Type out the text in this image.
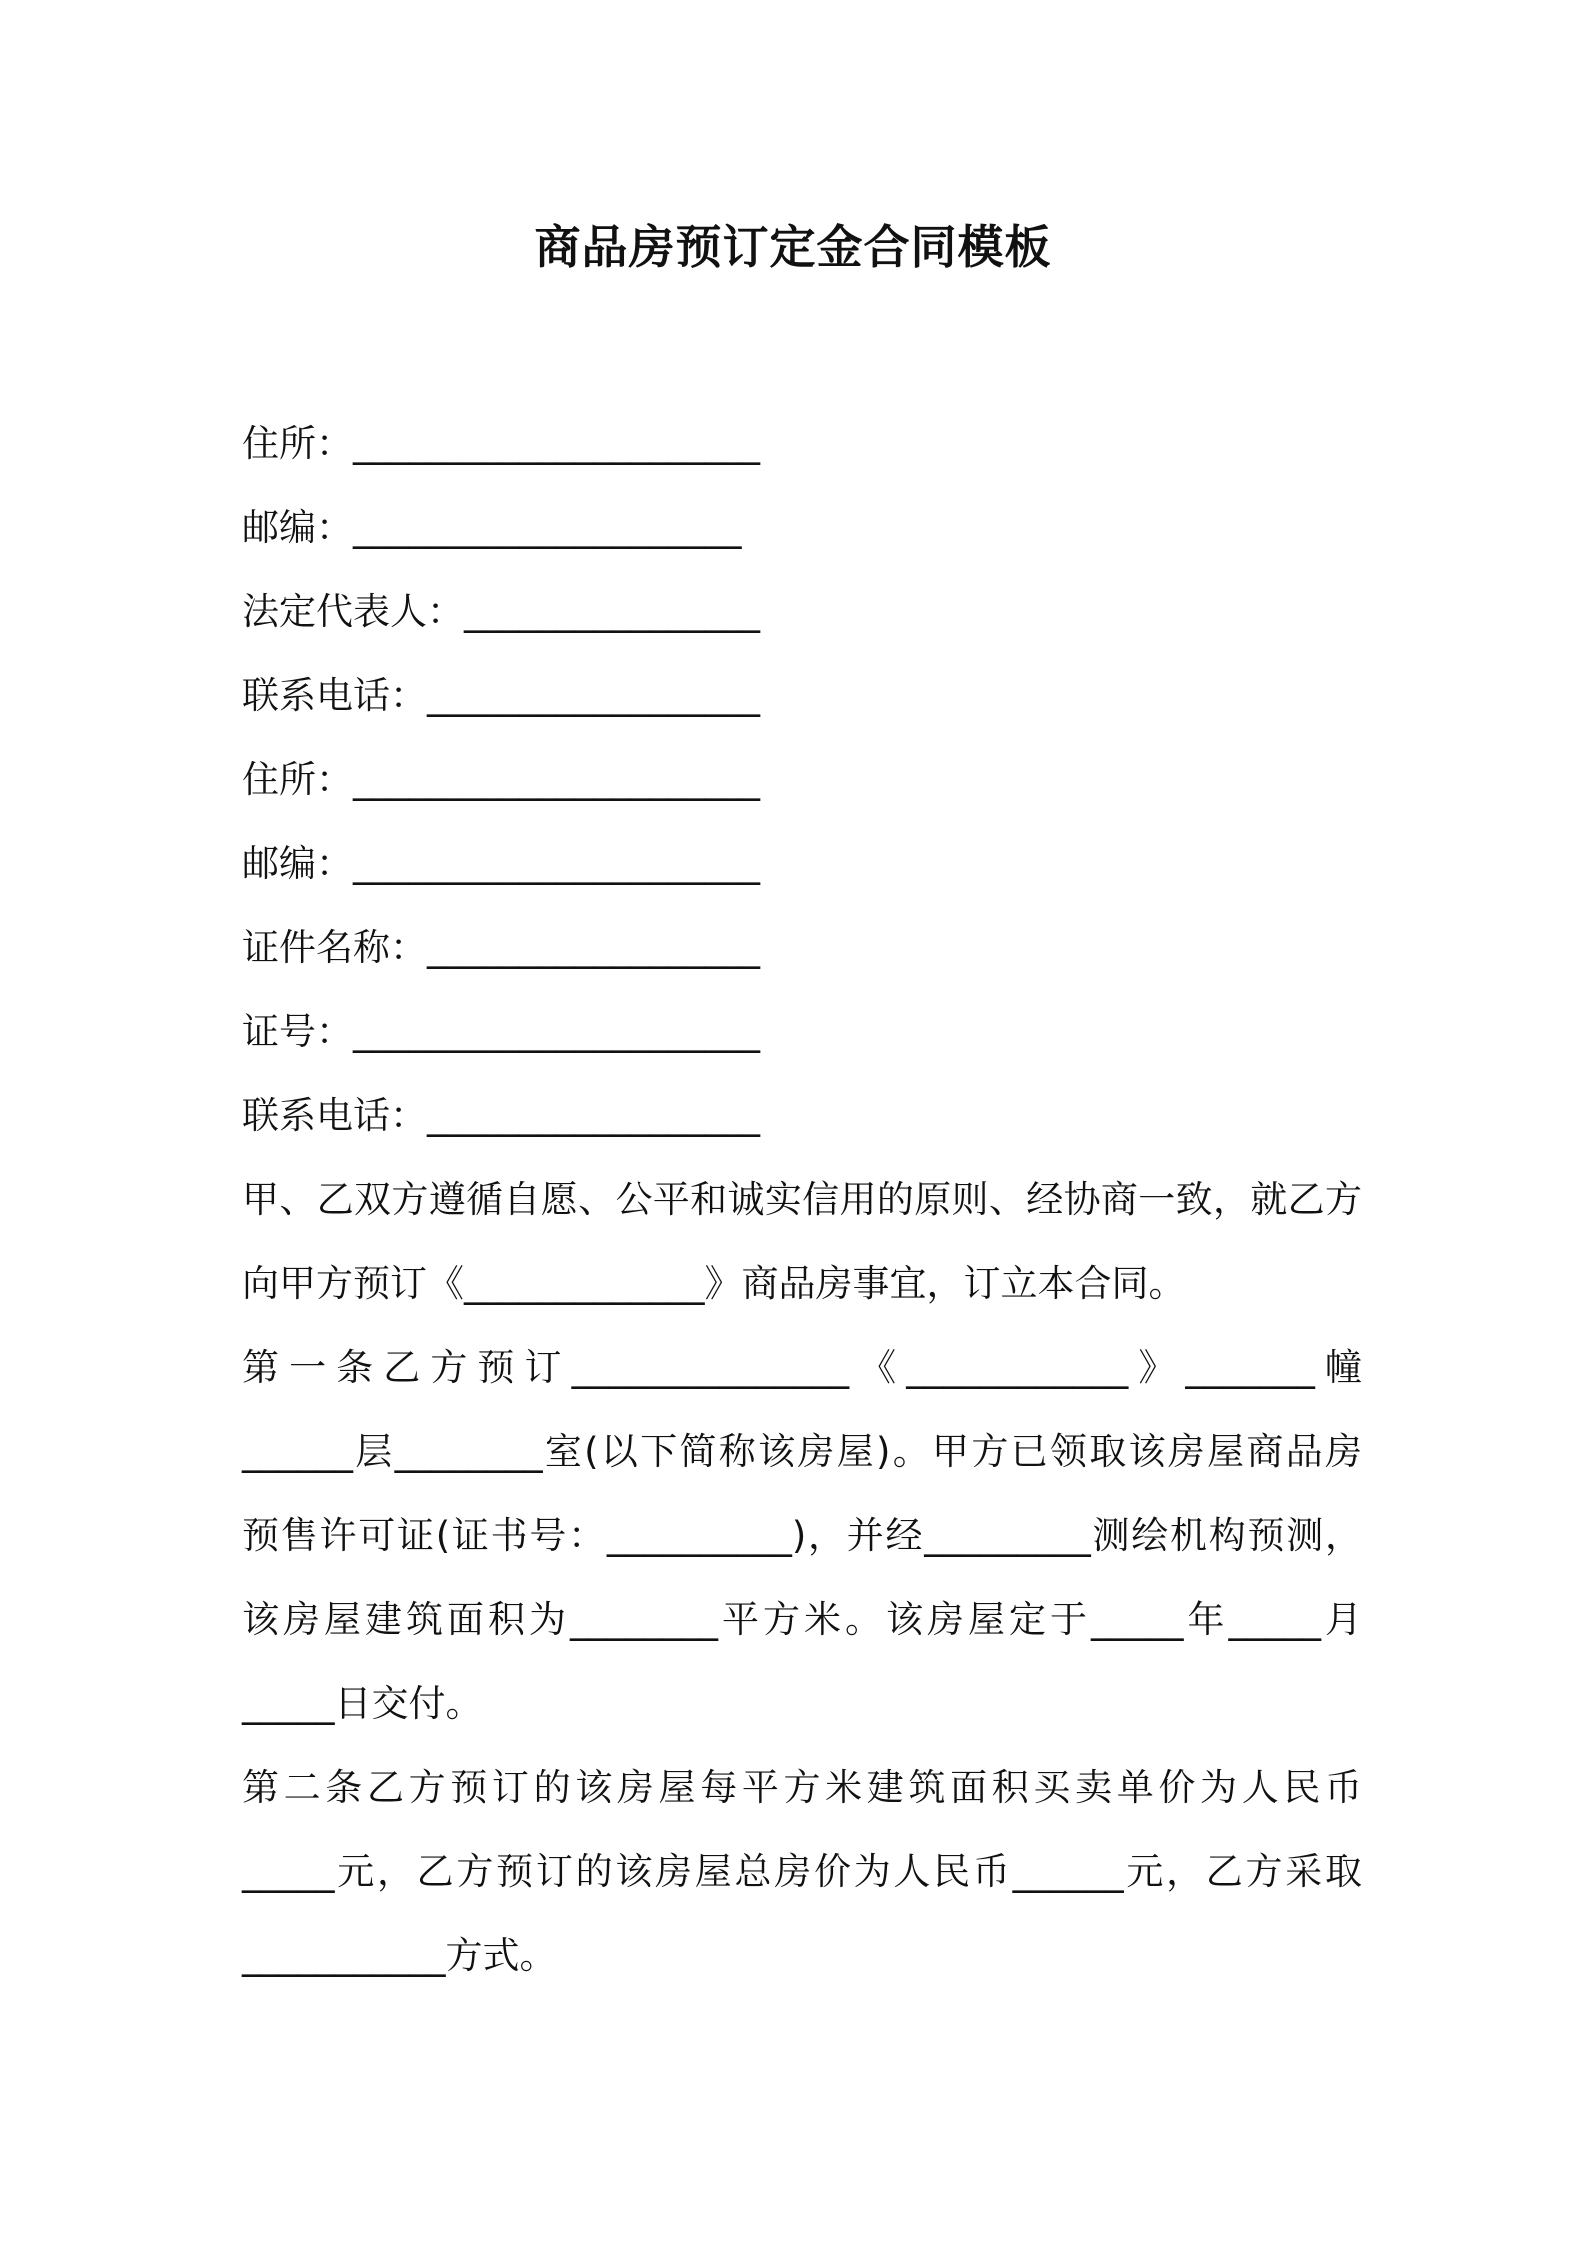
商品房预订定金合同模板

住所：______________________

邮编：_____________________

法定代表人：________________

联系电话：__________________

住所：______________________

邮编：______________________

证件名称：__________________

证号：______________________

联系电话：__________________

甲、乙双方遵循自愿、公平和诚实信用的原则、经协商一致，就乙方

向甲方预订《_____________》商品房事宜，订立本合同。

第一条乙方预订_______________《____________》_______幢

______层________室(以下简称该房屋)。甲方已领取该房屋商品房

预售许可证(证书号：__________)，并经_________测绘机构预测，

该房屋建筑面积为________平方米。该房屋定于_____年_____月

_____日交付。

第二条乙方预订的该房屋每平方米建筑面积买卖单价为人民币

_____元，乙方预订的该房屋总房价为人民币______元，乙方采取

___________方式。
